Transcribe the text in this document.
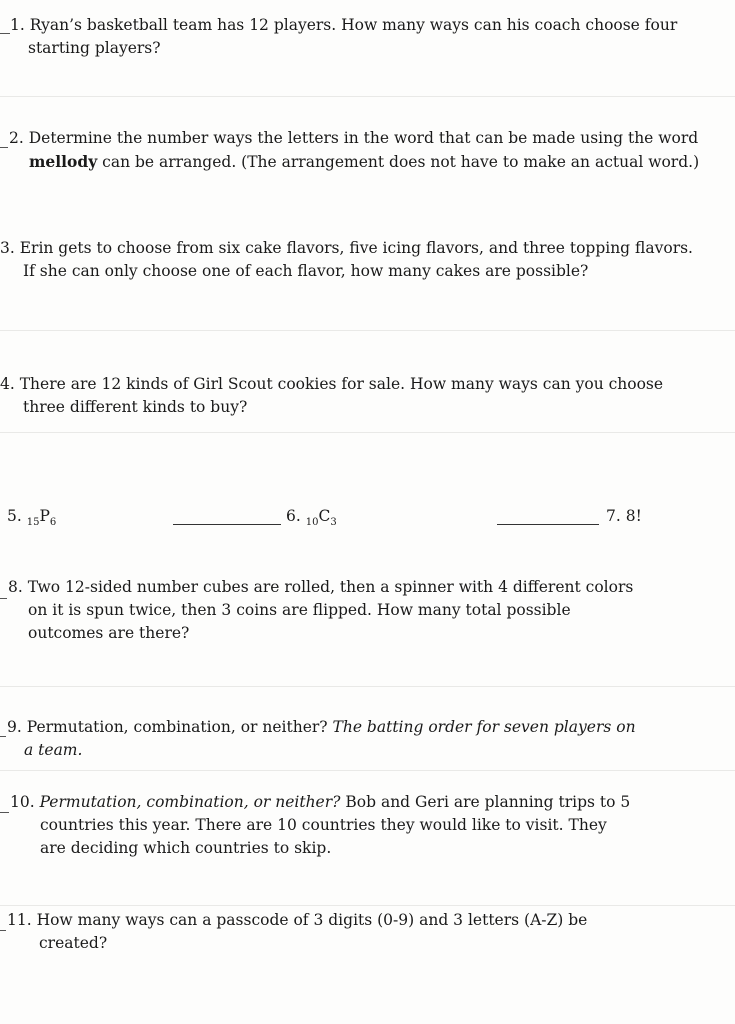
1. Ryan’s basketball team has 12 players. How many ways can his coach choose four
starting players?
2. Determine the number ways the letters in the word that can be made using the word
mellody can be arranged. (The arrangement does not have to make an actual word.)
3. Erin gets to choose from six cake flavors, five icing flavors, and three topping flavors.
If she can only choose one of each flavor, how many cakes are possible?
4. There are 12 kinds of Girl Scout cookies for sale. How many ways can you choose
three different kinds to buy?
5. $_{15}P_6$	6. $_{10}C_3$	7. 8!
8. Two 12-sided number cubes are rolled, then a spinner with 4 different colors
on it is spun twice, then 3 coins are flipped. How many total possible
outcomes are there?
9. Permutation, combination, or neither? The batting order for seven players on
a team.
10. Permutation, combination, or neither? Bob and Geri are planning trips to 5
countries this year. There are 10 countries they would like to visit. They
are deciding which countries to skip.
11. How many ways can a passcode of 3 digits (0-9) and 3 letters (A-Z) be
created?
